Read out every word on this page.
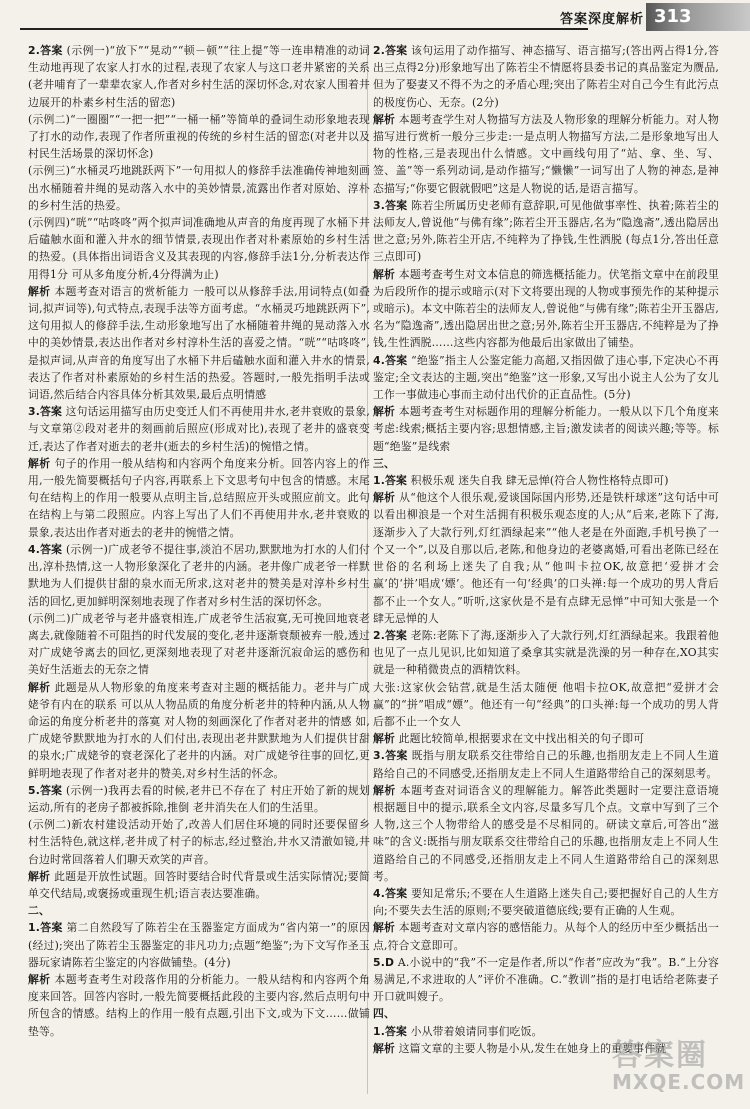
答案深度解析 313

2.答案 (示例一)“放下”“晃动”“顿－顿”“往上提”等一连串精准的动词生动地再现了农家人打水的过程,表现了农家人与这口老井紧密的关系(老井哺育了一辈辈农家人,作者对乡村生活的深切怀念,对农家人围着井边展开的朴素乡村生活的留恋)

(示例二)“一圈圈”“一把一把”“一桶一桶”等简单的叠词生动形象地表现了打水的动作,表现了作者所重视的传统的乡村生活的留恋(对老井以及村民生活场景的深切怀念)

(示例三)“水桶灵巧地跳跃两下”一句用拟人的修辞手法准确传神地刻画出水桶随着井绳的晃动落入水中的美妙情景,流露出作者对原始、淳朴的乡村生活的热爱。

(示例四)“咣”“咕咚咚”两个拟声词准确地从声音的角度再现了水桶下井后磕触水面和灌入井水的细节情景,表现出作者对朴素原始的乡村生活的热爱。(具体指出词语含义及其表现的内容,修辞手法1分,分析表达作用得1分 可从多角度分析,4分得满为止)

解析 本题考查对语言的赏析能力 一般可以从修辞手法,用词特点(如叠词,拟声词等),句式特点,表现手法等方面考虑。“水桶灵巧地跳跃两下”,这句用拟人的修辞手法,生动形象地写出了水桶随着井绳的晃动落入水中的美妙情景,表达出作者对乡村淳朴生活的喜爱之情。“咣”“咕咚咚”,是拟声词,从声音的角度写出了水桶下井后磕触水面和灌入井水的情景,表达了作者对朴素原始的乡村生活的热爱。答题时,一般先指明手法或词语,然后结合内容具体分析其效果,最后点明情感

3.答案 这句话运用描写由历史变迁人们不再使用井水,老井衰败的景象,与文章第②段对老井的刻画前后照应(形成对比),表现了老井的盛衰变迁,表达了作者对逝去的老井(逝去的乡村生活)的惋惜之情。

解析 句子的作用一般从结构和内容两个角度来分析。回答内容上的作用,一般先简要概括句子内容,再联系上下文思考句中包含的情感。末尾句在结构上的作用一般要从点明主旨,总结照应开头或照应前文。此句在结构上与第二段照应。内容上写出了人们不再使用井水,老井衰败的景象,表达出作者对逝去的老井的惋惜之情。

4.答案 (示例一)广成老爷不提往事,淡泊不居功,默默地为打水的人们付出,淳朴热情,这一人物形象深化了老井的内涵。老井像广成老爷一样默默地为人们提供甘甜的泉水而无所求,这对老井的赞美是对淳朴乡村生活的回忆,更加鲜明深刻地表现了作者对乡村生活的深切怀念。

(示例二)广成老爷与老井盛衰相连,广成老爷生活寂寞,无可挽回地衰老离去,就像随着不可阻挡的时代发展的变化,老井逐渐衰颓被弃一般,透过对广成姥爷离去的回忆,更深刻地表现了对老井逐渐沉寂命运的感伤和美好生活逝去的无奈之情

解析 此题是从人物形象的角度来考查对主题的概括能力。老井与广成姥爷有内在的联系 可以从人物品质的角度分析老井的特种内涵,从人物命运的角度分析老井的落寞 对人物的刻画深化了作者对老井的情感 如,广成姥爷默默地为打水的人们付出,表现出老井默默地为人们提供甘甜的泉水;广成姥爷的衰老深化了老井的内涵。对广成姥爷往事的回忆,更鲜明地表现了作者对老井的赞美,对乡村生活的怀念。

5.答案 (示例一)我再去看的时候,老井已不存在了 村庄开始了新的规划运动,所有的老房子都被拆除,推倒 老井消失在人们的生活里。

(示例二)新农村建设活动开始了,改善人们居住环境的同时还要保留乡村生活特色,就这样,老井成了村子的标志,经过整治,井水又清澈如镜,井台边时常回落着人们聊天欢笑的声音。

解析 此题是开放性试题。回答时要结合时代背景或生活实际情况;要简单交代结局,或褒扬或重现生机;语言表达要准确。

二、

1.答案 第二自然段写了陈若尘在玉器鉴定方面成为“省内第一”的原因(经过);突出了陈若尘玉器鉴定的非凡功力;点题“绝鉴”;为下文写作圣玉器玩家请陈若尘鉴定的内容做铺垫。(4分)

解析 本题考查考生对段落作用的分析能力。一般从结构和内容两个角度来回答。回答内容时,一般先简要概括此段的主要内容,然后点明句中所包含的情感。结构上的作用一般有点题,引出下文,或为下文……做铺垫等。

2.答案 该句运用了动作描写、神态描写、语言描写;(答出两占得1分,答出三点得2分)形象地写出了陈若尘不情愿将县委书记的真品鉴定为赝品,但为了娶妻又不得不为之的矛盾心理;突出了陈若尘对自己今生有此污点的极度伤心、无奈。(2分)

解析 本题考查学生对人物描写方法及人物形象的理解分析能力。对人物描写进行赏析一般分三步走:一是点明人物描写方法,二是形象地写出人物的性格,三是表现出什么情感。文中画线句用了“站、拿、坐、写、签、盖”等一系列动词,是动作描写;“懒懒”一词写出了人物的神态,是神态描写;“你要它假就假吧”这是人物说的话,是语言描写。

3.答案 陈若尘所属历史老师有意辞职,可见他做事率性、执着;陈若尘的法师友人,曾说他“与佛有缘”;陈若尘开玉器店,名为“隐逸斋”,透出隐居出世之意;另外,陈若尘开店,不纯粹为了挣钱,生性洒脱 (每点1分,答出任意三点即可)

解析 本题考查考生对文本信息的筛选概括能力。伏笔指文章中在前段里为后段所作的提示或暗示(对下文将要出现的人物或事预先作的某种提示或暗示)。本文中陈若尘的法师友人,曾说他“与佛有缘”;陈若尘开玉器店,名为“隐逸斋”,透出隐居出世之意;另外,陈若尘开玉器店,不纯粹是为了挣钱,生性洒脱……这些内容都为他最后出家做出了铺垫。

4.答案 “绝鉴”指主人公鉴定能力高超,又指因做了违心事,下定决心不再鉴定;全文表达的主题,突出“绝鉴”这一形象,又写出小说主人公为了女儿工作一事做违心事而主动付出代价的正直品性。(5分)

解析 本题考查考生对标题作用的理解分析能力。一般从以下几个角度来考虑:线索;概括主要内容;思想情感,主旨;激发读者的阅读兴趣;等等。标题“绝鉴”是线索

三、

1.答案 积极乐观 迷失自我 肆无忌惮(符合人物性格特点即可)

解析 从“他这个人很乐观,爱谈国际国内形势,还是铁杆球迷”这句话中可以看出柳浪是一个对生活拥有积极乐观态度的人;从“后来,老陈下了海,逐渐步入了大款行列,灯红酒绿起来”“他人老是在外面跑,手机号换了一个又一个”,以及自那以后,老陈,和他身边的老婆离婚,可看出老陈已经在世俗的名利场上迷失了自我;从“他叫卡拉OK,故意把‘爱拼才会赢’的‘拼’唱成‘嫖’。他还有一句‘经典’的口头禅:每一个成功的男人背后都不止一个女人。”听听,这家伙是不是有点肆无忌惮”中可知大张是一个肆无忌惮的人

2.答案 老陈:老陈下了海,逐渐步入了大款行列,灯红酒绿起来。我跟着他也见了一点儿见识,比如知道了桑拿其实就是洗澡的另一种存在,XO其实就是一种稍微贵点的酒精饮料。

大张:这家伙会钻营,就是生活太随便 他唱卡拉OK,故意把“爱拼才会赢”的“拼”唱成“嫖”。他还有一句“经典”的口头禅:每一个成功的男人背后都不止一个女人

解析 此题比较简单,根据要求在文中找出相关的句子即可

3.答案 既指与朋友联系交往带给自己的乐趣,也指朋友走上不同人生道路给自己的不同感受,还指朋友走上不同人生道路带给自己的深刻思考。

解析 本题考查对词语含义的理解能力。解答此类题时一定要注意语境 根据题目中的提示,联系全文内容,尽量多写几个点。文章中写到了三个人物,这三个人物带给人的感受是不尽相同的。研读文章后,可答出“滋味”的含义:既指与朋友联系交往带给自己的乐趣,也指朋友走上不同人生道路给自己的不同感受,还指朋友走上不同人生道路带给自己的深刻思考。

4.答案 要知足常乐;不要在人生道路上迷失自己;要把握好自己的人生方向;不要失去生活的原则;不要突破道德底线;要有正确的人生观。

解析 本题考查对文章内容的感悟能力。从每个人的经历中至少概括出一点,符合文意即可。

5.D A.小说中的“我”不一定是作者,所以“作者”应改为“我”。B.“上分容易满足,不求进取的人”评价不准确。C.“教训”指的是打电话给老陈妻子开口就叫嫂子。

四、

1.答案 小从带着娘请同事们吃饭。

解析 这篇文章的主要人物是小从,发生在她身上的重要事件就

答案圈
MXQE.COM
